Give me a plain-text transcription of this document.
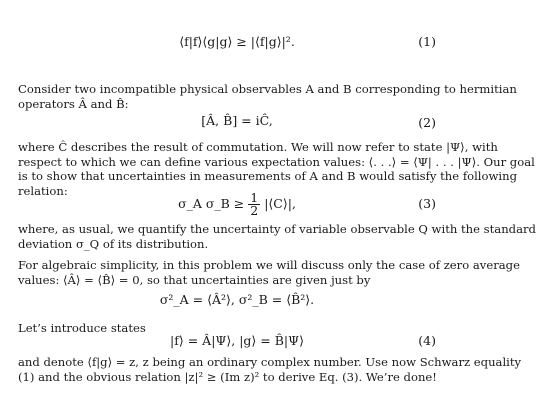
⟨f|f⟩⟨g|g⟩ ≥ |⟨f|g⟩|².	(1)
Consider two incompatible physical observables A and B corresponding to hermitian
operators Â and B̂:
[Â, B̂] = iĈ,	(2)
where Ĉ describes the result of commutation. We will now refer to state |Ψ⟩, with
respect to which we can define various expectation values: ⟨. . .⟩ = ⟨Ψ| . . . |Ψ⟩. Our goal
is to show that uncertainties in measurements of A and B would satisfy the following
relation:
σ_A σ_B ≥ $\frac{1}{2}$ |⟨C⟩|,	(3)
where, as usual, we quantify the uncertainty of variable observable Q with the standard
deviation σ_Q of its distribution.
For algebraic simplicity, in this problem we will discuss only the case of zero average
values: ⟨Â⟩ = ⟨B̂⟩ = 0, so that uncertainties are given just by
σ²_A = ⟨Â²⟩, σ²_B = ⟨B̂²⟩.
Let’s introduce states
|f⟩ = Â|Ψ⟩, |g⟩ = B̂|Ψ⟩	(4)
and denote ⟨f|g⟩ = z, z being an ordinary complex number. Use now Schwarz equality
(1) and the obvious relation |z|² ≥ (Im z)² to derive Eq. (3). We’re done!
